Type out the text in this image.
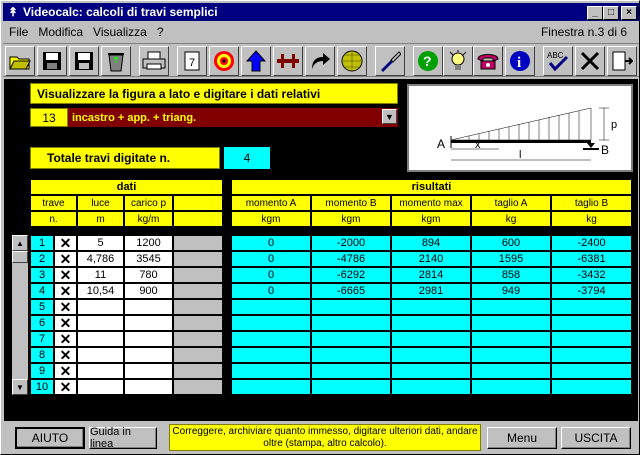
↟ Videocalc: calcoli di travi semplici	_	□	×
File Modifica Visualizza ?	Finestra n.3 di 6
7	?	i	ABC
Visualizzare la figura a lato e digitare i dati relativi
13	incastro + app. + triang.	▼
Totale travi digitate n.	4
A	B
x
l
p
dati
trave	luce	carico p
n.	m	kg/m
risultati
momento A	momento B	momento max	taglio A	taglio B
kgm	kgm	kgm	kg	kg
▲
▼
1	✕	5	1200	0	-2000	894	600	-2400
2	✕	4,786	3545	0	-4786	2140	1595	-6381
3	✕	11	780	0	-6292	2814	858	-3432
4	✕	10,54	900	0	-6665	2981	949	-3794
5	✕
6	✕
7	✕
8	✕
9	✕
10 ✕
AIUTO	Guida in linea
Correggere, archiviare quanto immesso, digitare ulteriori dati, andare oltre (stampa, altro calcolo).	Menu	USCITA
